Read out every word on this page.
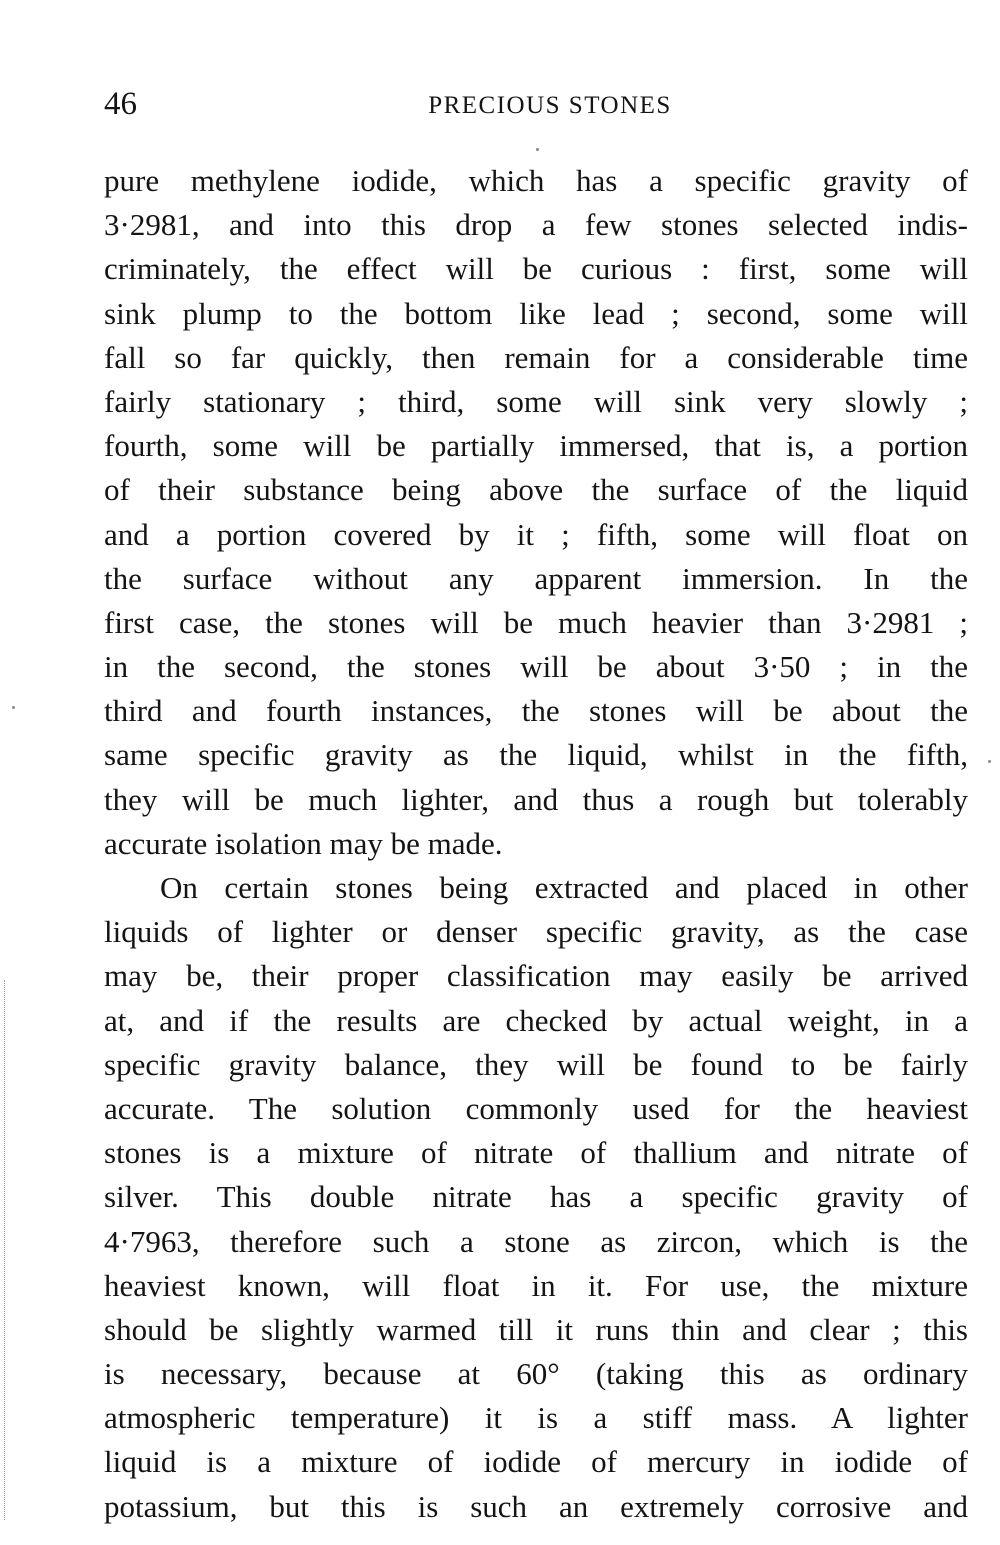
46	PRECIOUS STONES
pure methylene iodide, which has a specific gravity of
3·2981, and into this drop a few stones selected indis-
criminately, the effect will be curious : first, some will
sink plump to the bottom like lead ; second, some will
fall so far quickly, then remain for a considerable time
fairly stationary ; third, some will sink very slowly ;
fourth, some will be partially immersed, that is, a portion
of their substance being above the surface of the liquid
and a portion covered by it ; fifth, some will float on
the surface without any apparent immersion. In the
first case, the stones will be much heavier than 3·2981 ;
in the second, the stones will be about 3·50 ; in the
third and fourth instances, the stones will be about the
same specific gravity as the liquid, whilst in the fifth,
they will be much lighter, and thus a rough but tolerably
accurate isolation may be made.
On certain stones being extracted and placed in other
liquids of lighter or denser specific gravity, as the case
may be, their proper classification may easily be arrived
at, and if the results are checked by actual weight, in a
specific gravity balance, they will be found to be fairly
accurate. The solution commonly used for the heaviest
stones is a mixture of nitrate of thallium and nitrate of
silver. This double nitrate has a specific gravity of
4·7963, therefore such a stone as zircon, which is the
heaviest known, will float in it. For use, the mixture
should be slightly warmed till it runs thin and clear ; this
is necessary, because at 60° (taking this as ordinary
atmospheric temperature) it is a stiff mass. A lighter
liquid is a mixture of iodide of mercury in iodide of
potassium, but this is such an extremely corrosive and
